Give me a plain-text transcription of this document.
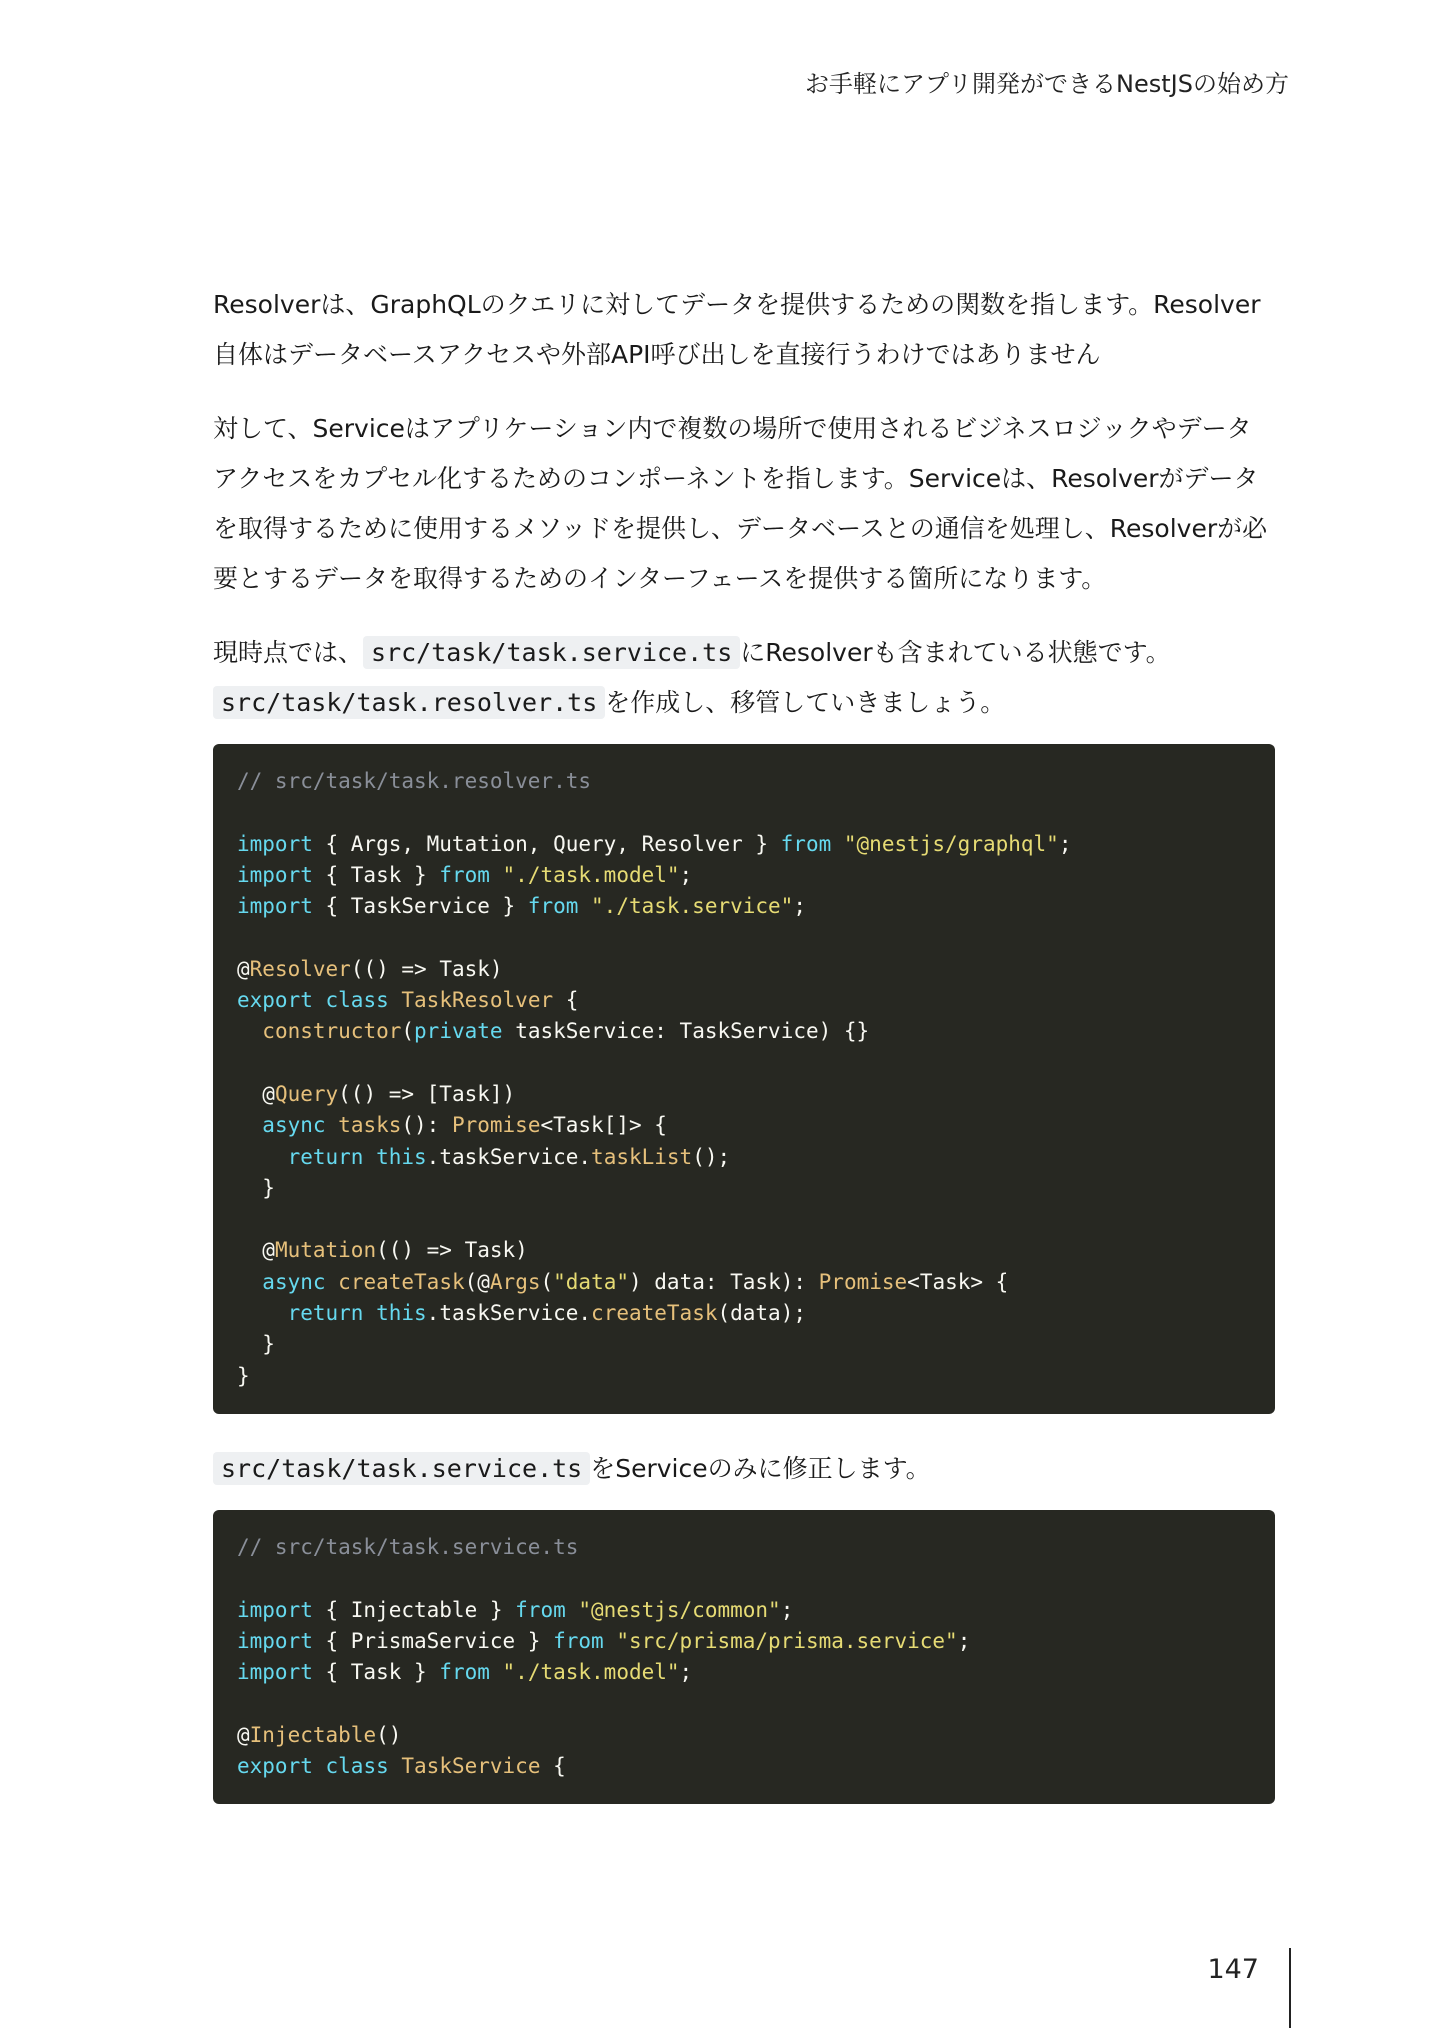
お手軽にアプリ開発ができるNestJSの始め方

Resolverは、GraphQLのクエリに対してデータを提供するための関数を指します。Resolver自体はデータベースアクセスや外部API呼び出しを直接行うわけではありません

対して、Serviceはアプリケーション内で複数の場所で使用されるビジネスロジックやデータアクセスをカプセル化するためのコンポーネントを指します。Serviceは、Resolverがデータを取得するために使用するメソッドを提供し、データベースとの通信を処理し、Resolverが必要とするデータを取得するためのインターフェースを提供する箇所になります。

現時点では、 src/task/task.service.ts にResolverも含まれている状態です。
src/task/task.resolver.ts を作成し、移管していきましょう。

// src/task/task.resolver.ts

import { Args, Mutation, Query, Resolver } from "@nestjs/graphql";
import { Task } from "./task.model";
import { TaskService } from "./task.service";

@Resolver(() => Task)
export class TaskResolver {
constructor(private taskService: TaskService) {}

@Query(() => [Task])
async tasks(): Promise<Task[]> {
return this.taskService.taskList();
}

@Mutation(() => Task)
async createTask(@Args("data") data: Task): Promise<Task> {
return this.taskService.createTask(data);
}
}

src/task/task.service.ts をServiceのみに修正します。

// src/task/task.service.ts

import { Injectable } from "@nestjs/common";
import { PrismaService } from "src/prisma/prisma.service";
import { Task } from "./task.model";

@Injectable()
export class TaskService {
147
